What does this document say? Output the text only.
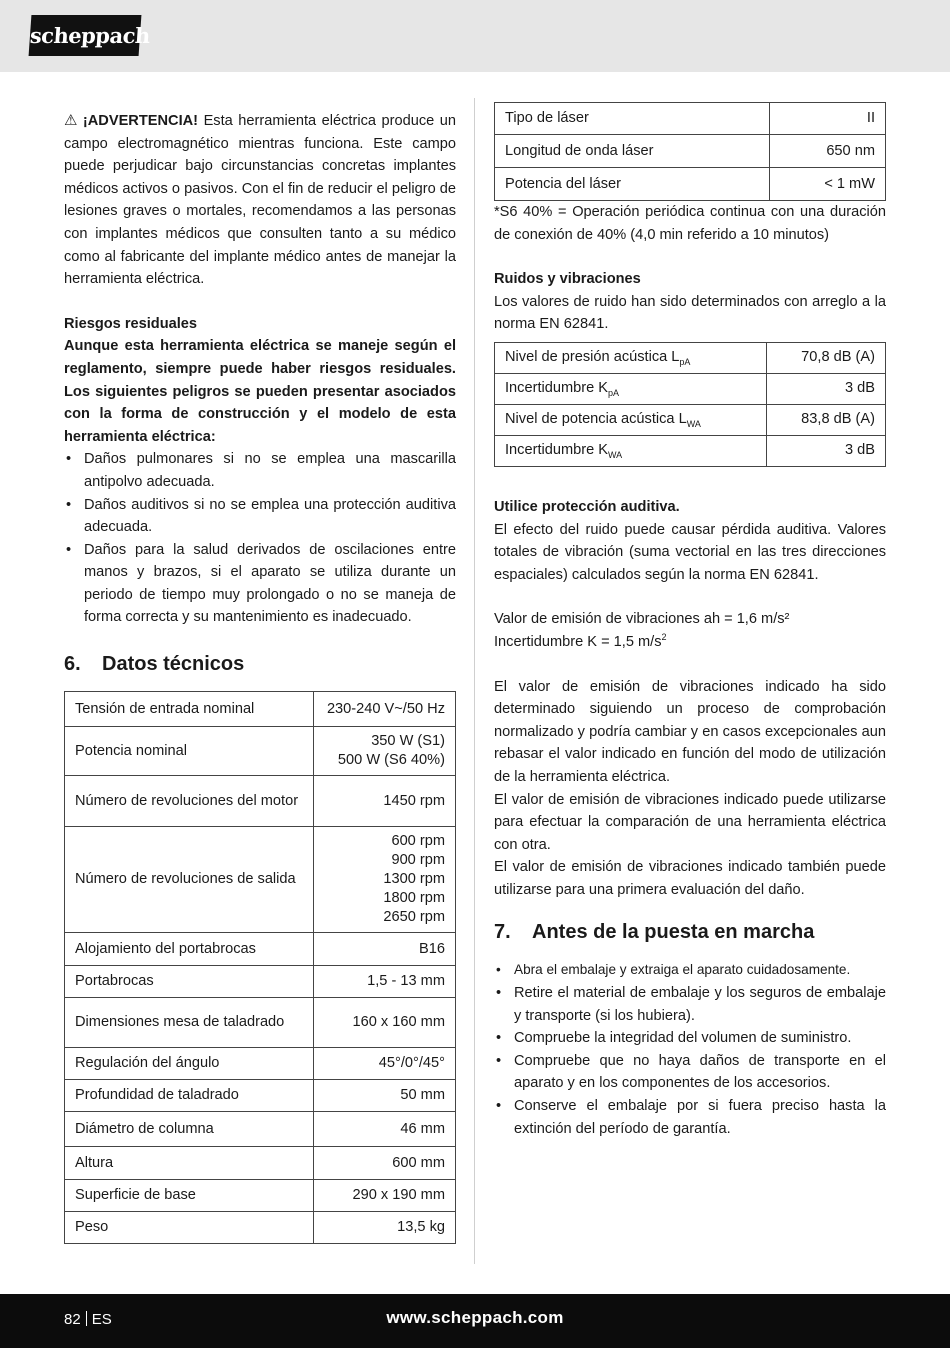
scheppach

⚠ ¡ADVERTENCIA! Esta herramienta eléctrica produce un campo electromagnético mientras funciona. Este campo puede perjudicar bajo circunstancias concretas implantes médicos activos o pasivos. Con el fin de reducir el peligro de lesiones graves o mortales, recomendamos a las personas con implantes médicos que consulten tanto a su médico como al fabricante del implante médico antes de manejar la herramienta eléctrica.

Riesgos residuales

Aunque esta herramienta eléctrica se maneje según el reglamento, siempre puede haber riesgos residuales. Los siguientes peligros se pueden presentar asociados con la forma de construcción y el modelo de esta herramienta eléctrica:

• Daños pulmonares si no se emplea una mascarilla antipolvo adecuada.
• Daños auditivos si no se emplea una protección auditiva adecuada.
• Daños para la salud derivados de oscilaciones entre manos y brazos, si el aparato se utiliza durante un periodo de tiempo muy prolongado o no se maneja de forma correcta y su mantenimiento es inadecuado.
6. Datos técnicos
Tensión de entrada nominal	230-240 V~/50 Hz
Potencia nominal	350 W (S1)
500 W (S6 40%)
Número de revoluciones del motor	1450 rpm
Número de revoluciones de salida	600 rpm
900 rpm
1300 rpm
1800 rpm
2650 rpm
Alojamiento del portabrocas	B16
Portabrocas	1,5 - 13 mm
Dimensiones mesa de taladrado	160 x 160 mm
Regulación del ángulo	45°/0°/45°
Profundidad de taladrado	50 mm
Diámetro de columna	46 mm
Altura	600 mm
Superficie de base	290 x 190 mm
Peso	13,5 kg
Tipo de láser	II
Longitud de onda láser	650 nm
Potencia del láser	< 1 mW

*S6 40% = Operación periódica continua con una duración de conexión de 40% (4,0 min referido a 10 minutos)

Ruidos y vibraciones

Los valores de ruido han sido determinados con arreglo a la norma EN 62841.

Nivel de presión acústica $L_{pA}$	70,8 dB (A)
Incertidumbre $K_{pA}$	3 dB
Nivel de potencia acústica $L_{WA}$	83,8 dB (A)
Incertidumbre $K_{WA}$	3 dB

Utilice protección auditiva.

El efecto del ruido puede causar pérdida auditiva. Valores totales de vibración (suma vectorial en las tres direcciones espaciales) calculados según la norma EN 62841.

Valor de emisión de vibraciones ah = 1,6 m/s²

Incertidumbre K = 1,5 $m/s^2$

El valor de emisión de vibraciones indicado ha sido determinado siguiendo un proceso de comprobación normalizado y podría cambiar y en casos excepcionales aun rebasar el valor indicado en función del modo de utilización de la herramienta eléctrica.

El valor de emisión de vibraciones indicado puede utilizarse para efectuar la comparación de una herramienta eléctrica con otra.

El valor de emisión de vibraciones indicado también puede utilizarse para una primera evaluación del daño.

7. Antes de la puesta en marcha
• Abra el embalaje y extraiga el aparato cuidadosamente.
• Retire el material de embalaje y los seguros de embalaje y transporte (si los hubiera).
• Compruebe la integridad del volumen de suministro.
• Compruebe que no haya daños de transporte en el aparato y en los componentes de los accesorios.
• Conserve el embalaje por si fuera preciso hasta la extinción del período de garantía.
82 ES	www.scheppach.com
